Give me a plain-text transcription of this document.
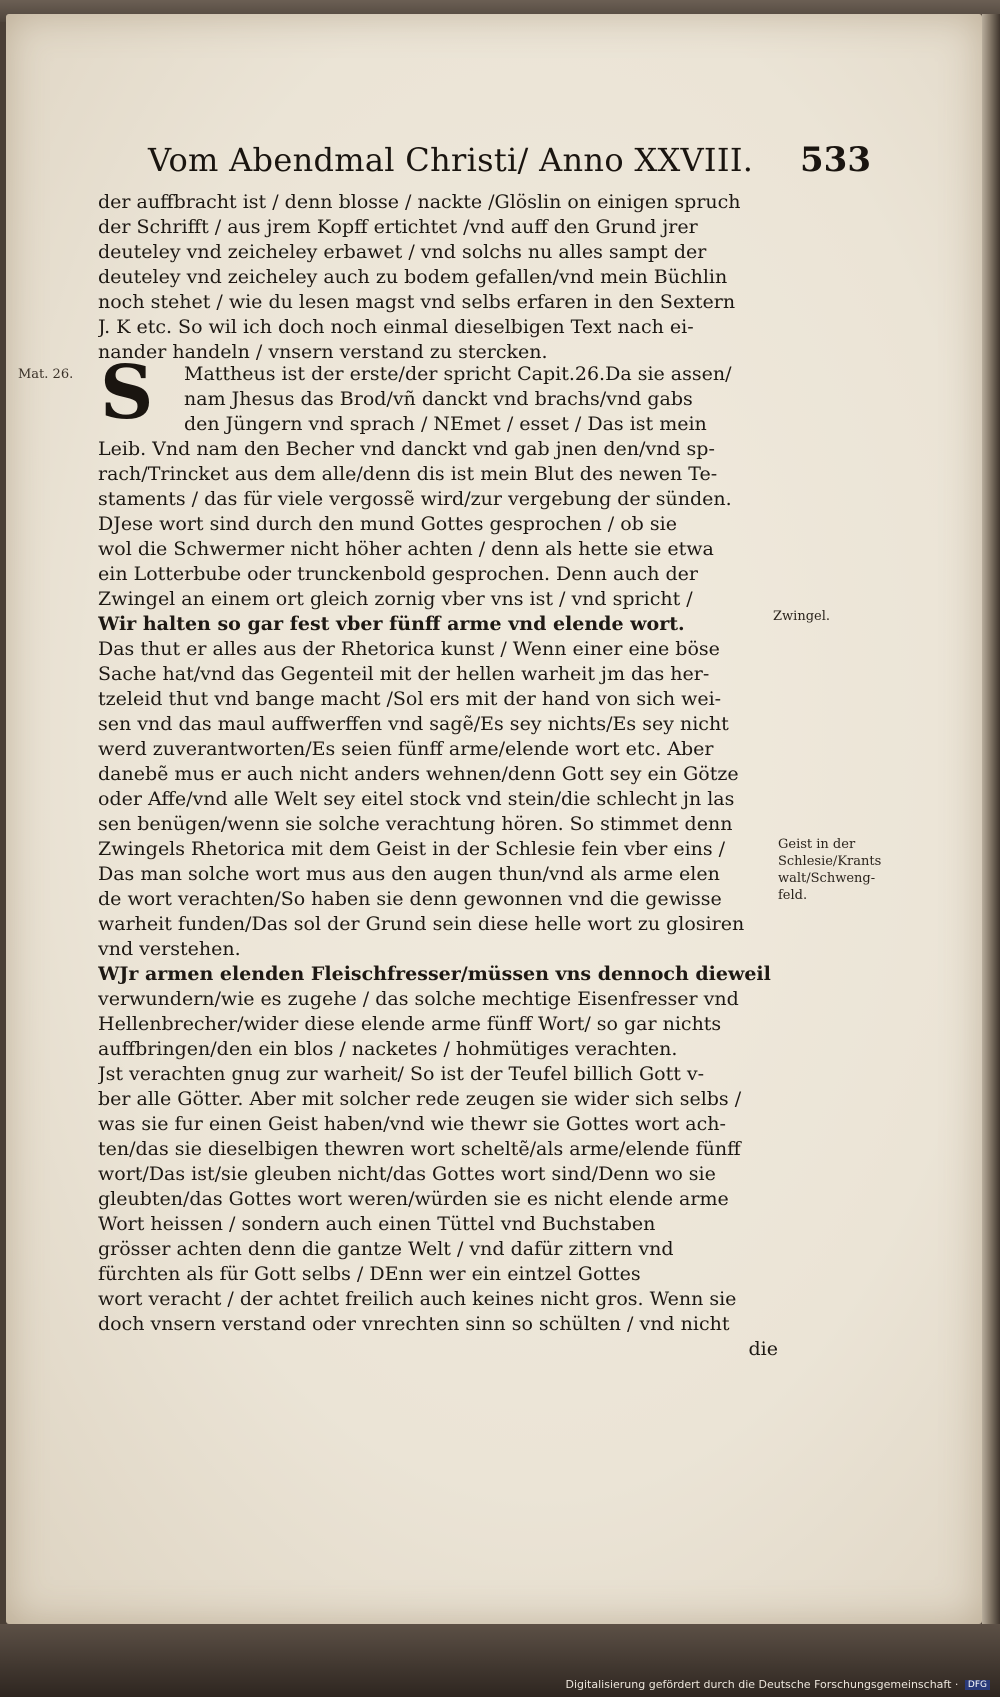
Vom Abendmal Christi/ Anno XXVIII. 533
Mat. 26.
der auffbracht ist / denn blosse / nackte /Glöslin on einigen spruch
der Schrifft / aus jrem Kopff ertichtet /vnd auff den Grund jrer
deuteley vnd zeicheley erbawet / vnd solchs nu alles sampt der
deuteley vnd zeicheley auch zu bodem gefallen/vnd mein Büchlin
noch stehet / wie du lesen magst vnd selbs erfaren in den Sextern
J. K etc. So wil ich doch noch einmal dieselbigen Text nach ei-
nander handeln / vnsern verstand zu stercken.
S	Mattheus ist der erste/der spricht Capit.26.Da sie assen/
nam Jhesus das Brod/vñ danckt vnd brachs/vnd gabs
den Jüngern vnd sprach / NEmet / esset / Das ist mein
Leib. Vnd nam den Becher vnd danckt vnd gab jnen den/vnd sp-
rach/Trincket aus dem alle/denn dis ist mein Blut des newen Te-
staments / das für viele vergossẽ wird/zur vergebung der sünden.
DJese wort sind durch den mund Gottes gesprochen / ob sie
wol die Schwermer nicht höher achten / denn als hette sie etwa
ein Lotterbube oder trunckenbold gesprochen. Denn auch der
Zwingel an einem ort gleich zornig vber vns ist / vnd spricht /
Wir halten so gar fest vber fünff arme vnd elende wort.
Das thut er alles aus der Rhetorica kunst / Wenn einer eine böse
Sache hat/vnd das Gegenteil mit der hellen warheit jm das her-
tzeleid thut vnd bange macht /Sol ers mit der hand von sich wei-
sen vnd das maul auffwerffen vnd sagẽ/Es sey nichts/Es sey nicht
werd zuverantworten/Es seien fünff arme/elende wort etc. Aber
danebẽ mus er auch nicht anders wehnen/denn Gott sey ein Götze
oder Affe/vnd alle Welt sey eitel stock vnd stein/die schlecht jn las
sen benügen/wenn sie solche verachtung hören. So stimmet denn
Zwingels Rhetorica mit dem Geist in der Schlesie fein vber eins /
Das man solche wort mus aus den augen thun/vnd als arme elen
de wort verachten/So haben sie denn gewonnen vnd die gewisse
warheit funden/Das sol der Grund sein diese helle wort zu glosiren
vnd verstehen.
WJr armen elenden Fleischfresser/müssen vns dennoch dieweil
verwundern/wie es zugehe / das solche mechtige Eisenfresser vnd
Hellenbrecher/wider diese elende arme fünff Wort/ so gar nichts
auffbringen/den ein blos / nacketes / hohmütiges verachten.
Jst verachten gnug zur warheit/ So ist der Teufel billich Gott v-
ber alle Götter. Aber mit solcher rede zeugen sie wider sich selbs /
was sie fur einen Geist haben/vnd wie thewr sie Gottes wort ach-
ten/das sie dieselbigen thewren wort scheltẽ/als arme/elende fünff
wort/Das ist/sie gleuben nicht/das Gottes wort sind/Denn wo sie
gleubten/das Gottes wort weren/würden sie es nicht elende arme
Wort heissen / sondern auch einen Tüttel vnd Buchstaben
grösser achten denn die gantze Welt / vnd dafür zittern vnd
fürchten als für Gott selbs / DEnn wer ein eintzel Gottes
wort veracht / der achtet freilich auch keines nicht gros. Wenn sie
doch vnsern verstand oder vnrechten sinn so schülten / vnd nicht
die
Zwingel.
Geist in der
Schlesie/Krants
walt/Schweng-
feld.
Digitalisierung gefördert durch die Deutsche Forschungsgemeinschaft · DFG
